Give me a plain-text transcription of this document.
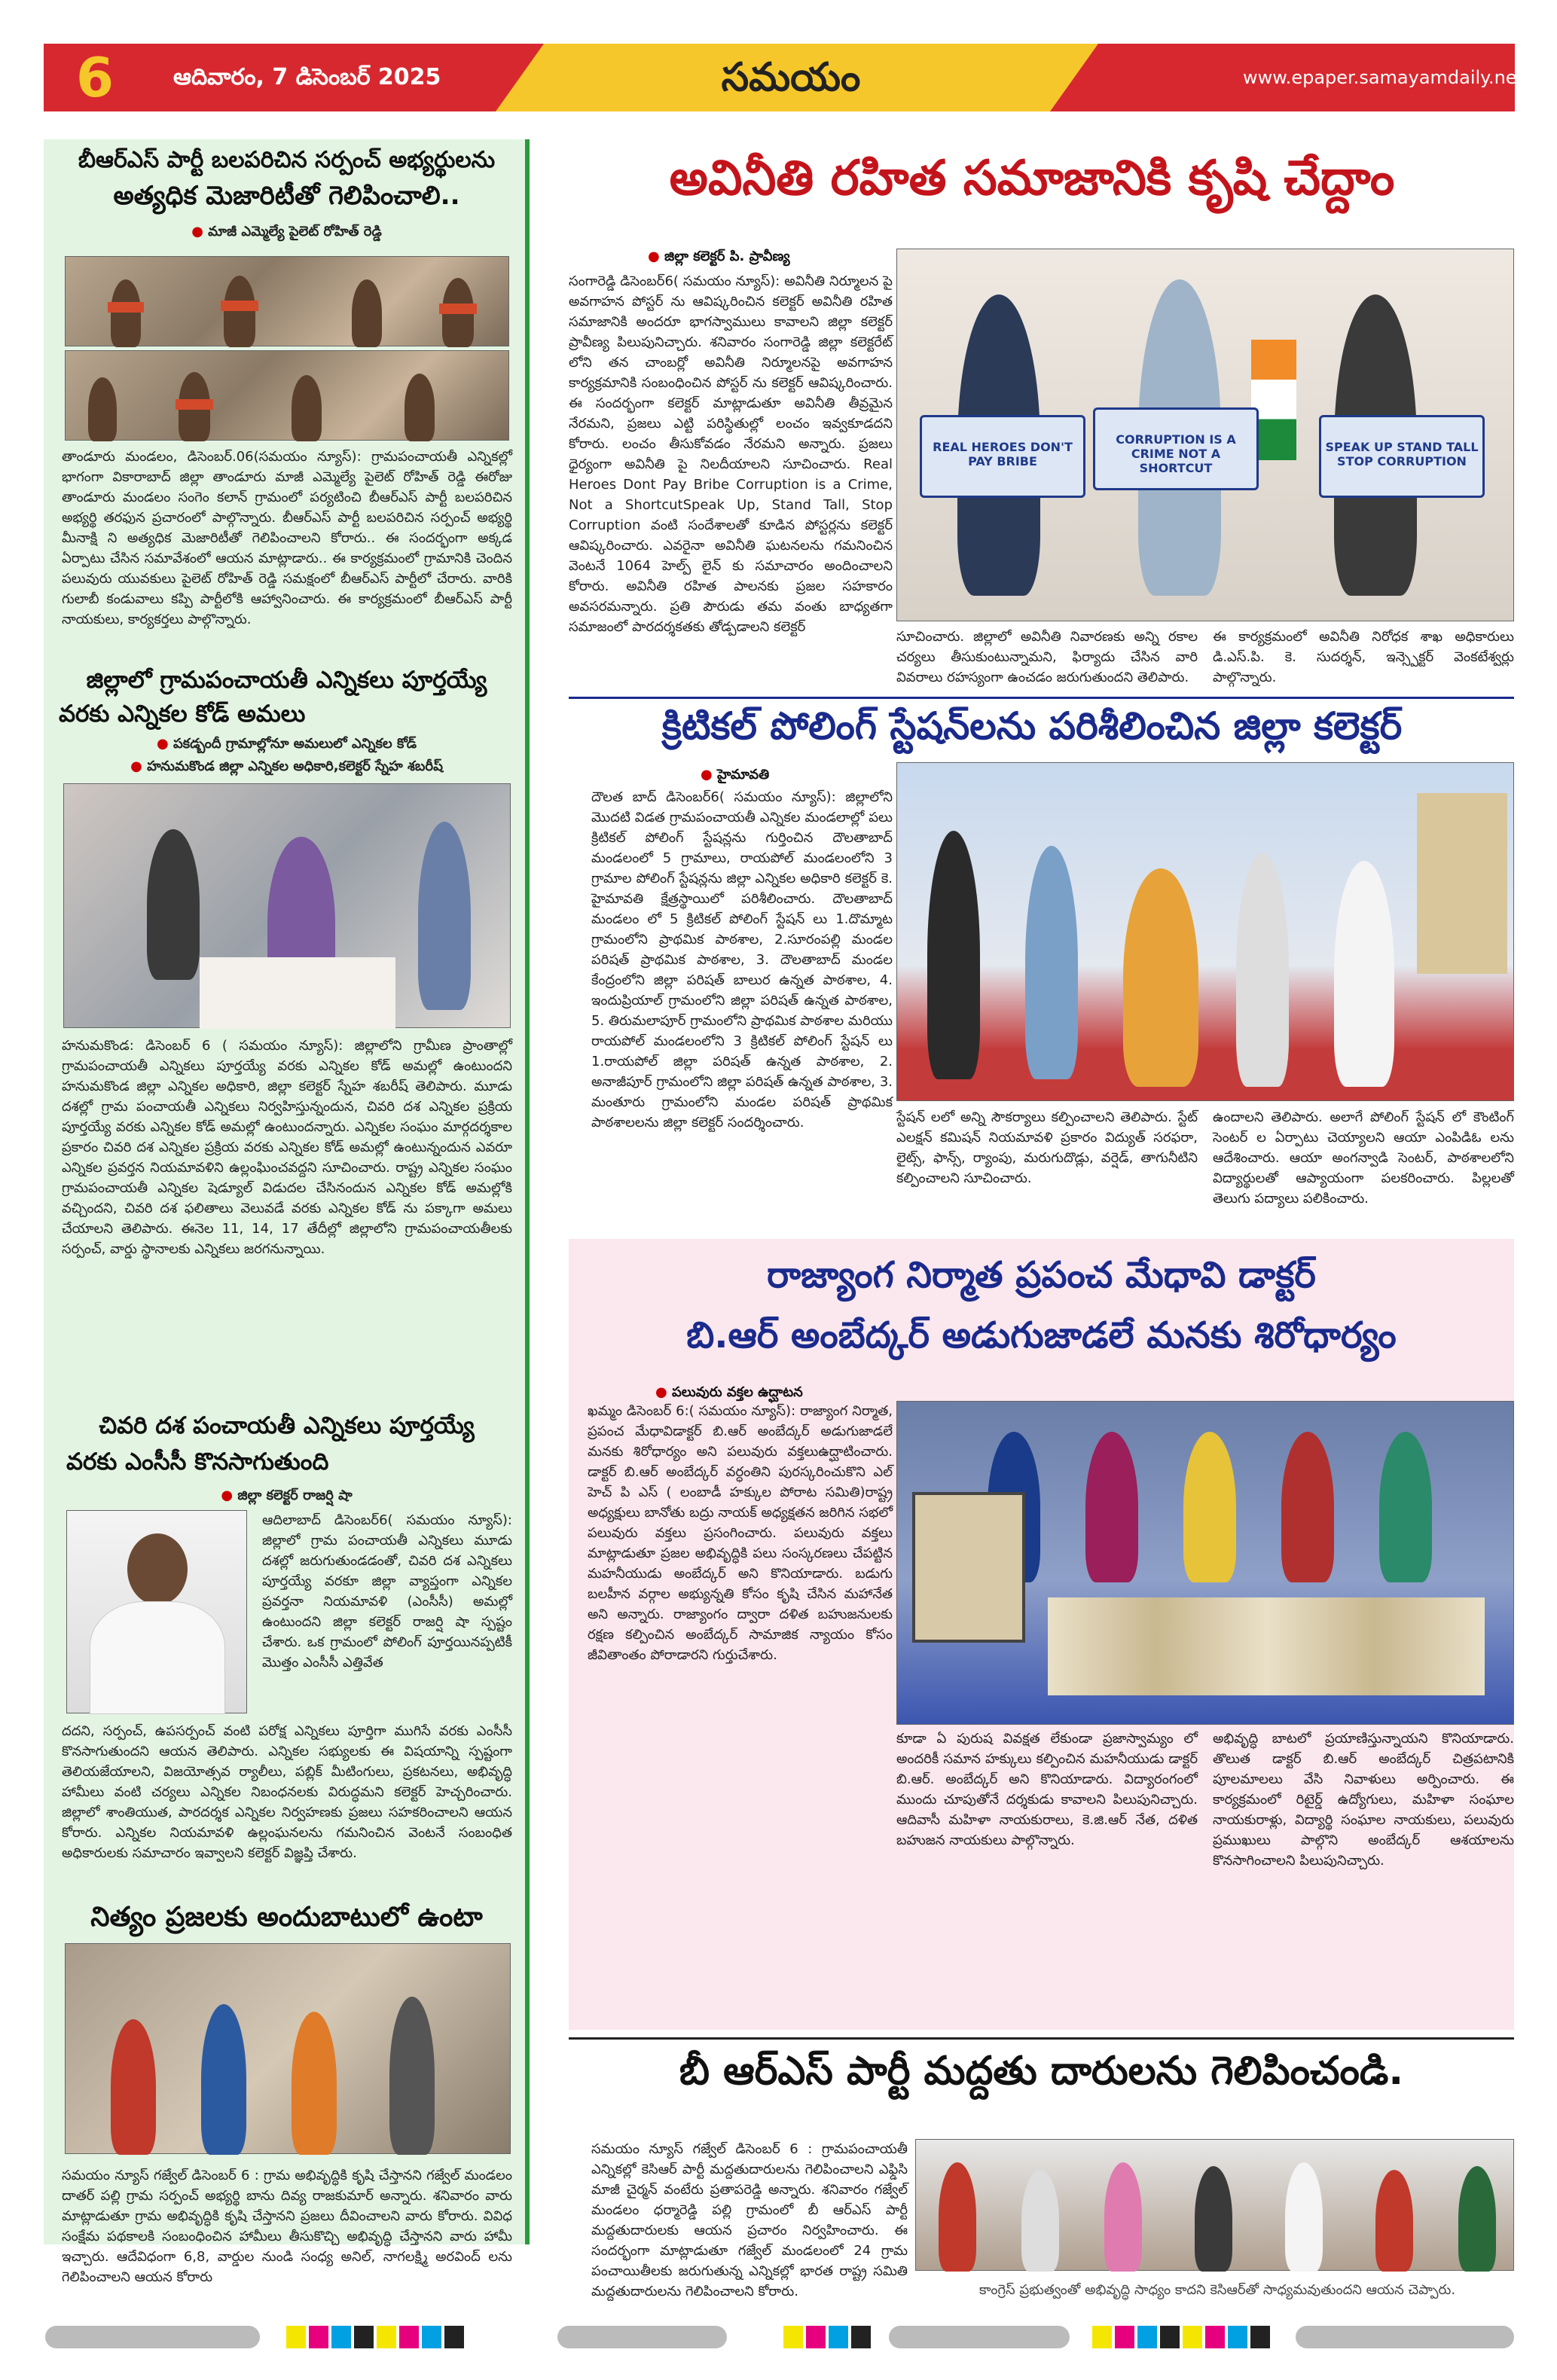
6	ఆదివారం, 7 డిసెంబర్ 2025	సమయం	www.epaper.samayamdaily.net
బీఆర్ఎస్ పార్టీ బలపరిచిన సర్పంచ్ అభ్యర్థులను
అత్యధిక మెజారిటీతో గెలిపించాలి..
● మాజీ ఎమ్మెల్యే పైలెట్ రోహిత్ రెడ్డి
తాండూరు మండలం, డిసెంబర్.06(సమయం న్యూస్): గ్రామపంచాయతీ ఎన్నికల్లో భాగంగా వికారాబాద్ జిల్లా తాండూరు మాజీ ఎమ్మెల్యే పైలెట్ రోహిత్ రెడ్డి ఈరోజు తాండూరు మండలం సంగెం కలాన్ గ్రామంలో పర్యటించి బీఆర్ఎస్ పార్టీ బలపరిచిన అభ్యర్థి తరఫున ప్రచారంలో పాల్గొన్నారు. బీఆర్ఎస్ పార్టీ బలపరిచిన సర్పంచ్ అభ్యర్థి మీనాక్షి ని అత్యధిక మెజారిటీతో గెలిపించాలని కోరారు.. ఈ సందర్భంగా అక్కడ ఏర్పాటు చేసిన సమావేశంలో ఆయన మాట్లాడారు.. ఈ కార్యక్రమంలో గ్రామానికి చెందిన పలువురు యువకులు పైలెట్ రోహిత్ రెడ్డి సమక్షంలో బీఆర్ఎస్ పార్టీలో చేరారు. వారికి గులాబీ కండువాలు కప్పి పార్టీలోకి ఆహ్వానించారు. ఈ కార్యక్రమంలో బీఆర్ఎస్ పార్టీ నాయకులు, కార్యకర్తలు పాల్గొన్నారు.
జిల్లాలో గ్రామపంచాయతీ ఎన్నికలు పూర్తయ్యే
వరకు ఎన్నికల కోడ్ అమలు
● పకడ్బందీ గ్రామాల్లోనూ అమలులో ఎన్నికల కోడ్
● హనుమకొండ జిల్లా ఎన్నికల అధికారి,కలెక్టర్ స్నేహ శబరీష్
హనుమకొండ: డిసెంబర్ 6 ( సమయం న్యూస్): జిల్లాలోని గ్రామీణ ప్రాంతాల్లో గ్రామపంచాయతీ ఎన్నికలు పూర్తయ్యే వరకు ఎన్నికల కోడ్ అమల్లో ఉంటుందని హనుమకొండ జిల్లా ఎన్నికల అధికారి, జిల్లా కలెక్టర్ స్నేహ శబరీష్ తెలిపారు. మూడు దశల్లో గ్రామ పంచాయతీ ఎన్నికలు నిర్వహిస్తున్నందున, చివరి దశ ఎన్నికల ప్రక్రియ పూర్తయ్యే వరకు ఎన్నికల కోడ్ అమల్లో ఉంటుందన్నారు. ఎన్నికల సంఘం మార్గదర్శకాల ప్రకారం చివరి దశ ఎన్నికల ప్రక్రియ వరకు ఎన్నికల కోడ్ అమల్లో ఉంటున్నందున ఎవరూ ఎన్నికల ప్రవర్తన నియమావళిని ఉల్లంఘించవద్దని సూచించారు. రాష్ట్ర ఎన్నికల సంఘం గ్రామపంచాయతీ ఎన్నికల షెడ్యూల్ విడుదల చేసినందున ఎన్నికల కోడ్ అమల్లోకి వచ్చిందని, చివరి దశ ఫలితాలు వెలువడే వరకు ఎన్నికల కోడ్ ను పక్కాగా అమలు చేయాలని తెలిపారు. ఈనెల 11, 14, 17 తేదీల్లో జిల్లాలోని గ్రామపంచాయతీలకు సర్పంచ్, వార్డు స్థానాలకు ఎన్నికలు జరగనున్నాయి.
చివరి దశ పంచాయతీ ఎన్నికలు పూర్తయ్యే
వరకు ఎంసీసీ కొనసాగుతుంది
● జిల్లా కలెక్టర్ రాజర్షి షా
ఆదిలాబాద్ డిసెంబర్6( సమయం న్యూస్): జిల్లాలో గ్రామ పంచాయతీ ఎన్నికలు మూడు దశల్లో జరుగుతుండడంతో, చివరి దశ ఎన్నికలు పూర్తయ్యే వరకూ జిల్లా వ్యాప్తంగా ఎన్నికల ప్రవర్తనా నియమావళి (ఎంసీసీ) అమల్లో ఉంటుందని జిల్లా కలెక్టర్ రాజర్షి షా స్పష్టం చేశారు. ఒక గ్రామంలో పోలింగ్ పూర్తయినప్పటికీ మొత్తం ఎంసీసీ ఎత్తివేత
దదని, సర్పంచ్, ఉపసర్పంచ్ వంటి పరోక్ష ఎన్నికలు పూర్తిగా ముగిసే వరకు ఎంసీసీ కొనసాగుతుందని ఆయన తెలిపారు. ఎన్నికల సభ్యులకు ఈ విషయాన్ని స్పష్టంగా తెలియజేయాలని, విజయోత్సవ ర్యాలీలు, పబ్లిక్ మీటింగులు, ప్రకటనలు, అభివృద్ధి హామీలు వంటి చర్యలు ఎన్నికల నిబంధనలకు విరుద్ధమని కలెక్టర్ హెచ్చరించారు. జిల్లాలో శాంతియుత, పారదర్శక ఎన్నికల నిర్వహణకు ప్రజలు సహకరించాలని ఆయన కోరారు. ఎన్నికల నియమావళి ఉల్లంఘనలను గమనించిన వెంటనే సంబంధిత అధికారులకు సమాచారం ఇవ్వాలని కలెక్టర్ విజ్ఞప్తి చేశారు.
నిత్యం ప్రజలకు అందుబాటులో ఉంటా
సమయం న్యూస్ గజ్వేల్ డిసెంబర్ 6 : గ్రామ అభివృద్ధికి కృషి చేస్తానని గజ్వేల్ మండలం దాతర్ పల్లి గ్రామ సర్పంచ్ అభ్యర్థి బాను దివ్య రాజకుమార్ అన్నారు. శనివారం వారు మాట్లాడుతూ గ్రామ అభివృద్ధికి కృషి చేస్తానని ప్రజలు దీవించాలని వారు కోరారు. వివిధ సంక్షేమ పథకాలకి సంబంధించిన హామీలు తీసుకొచ్చి అభివృద్ధి చేస్తానని వారు హామీ ఇచ్చారు. ఆదేవిధంగా 6,8, వార్డుల నుండి సంధ్య అనిల్, నాగలక్ష్మి అరవింద్ లను గెలిపించాలని ఆయన కోరారు
అవినీతి రహిత సమాజానికి కృషి చేద్దాం
● జిల్లా కలెక్టర్ పి. ప్రావీణ్య
సంగారెడ్డి డిసెంబర్6( సమయం న్యూస్): అవినీతి నిర్మూలన పై అవగాహన పోస్టర్ ను ఆవిష్కరించిన కలెక్టర్ అవినీతి రహిత సమాజానికి అందరూ భాగస్వాములు కావాలని జిల్లా కలెక్టర్ ప్రావీణ్య పిలుపునిచ్చారు. శనివారం సంగారెడ్డి జిల్లా కలెక్టరేట్ లోని తన చాంబర్లో అవినీతి నిర్మూలనపై అవగాహన కార్యక్రమానికి సంబంధించిన పోస్టర్ ను కలెక్టర్ ఆవిష్కరించారు. ఈ సందర్భంగా కలెక్టర్ మాట్లాడుతూ అవినీతి తీవ్రమైన నేరమని, ప్రజలు ఎట్టి పరిస్థితుల్లో లంచం ఇవ్వకూడదని కోరారు. లంచం తీసుకోవడం నేరమని అన్నారు. ప్రజలు ధైర్యంగా అవినీతి పై నిలదీయాలని సూచించారు. Real Heroes Dont Pay Bribe Corruption is a Crime, Not a ShortcutSpeak Up, Stand Tall, Stop Corruption వంటి సందేశాలతో కూడిన పోస్టర్లను కలెక్టర్ ఆవిష్కరించారు. ఎవరైనా అవినీతి ఘటనలను గమనించిన వెంటనే 1064 హెల్ప్ లైన్ కు సమాచారం అందించాలని కోరారు. అవినీతి రహిత పాలనకు ప్రజల సహకారం అవసరమన్నారు. ప్రతి పౌరుడు తమ వంతు బాధ్యతగా సమాజంలో పారదర్శకతకు తోడ్పడాలని కలెక్టర్
REAL HEROES DON'T PAY BRIBE
CORRUPTION IS A CRIME NOT A SHORTCUT
SPEAK UP STAND TALL STOP CORRUPTION
సూచించారు. జిల్లాలో అవినీతి నివారణకు అన్ని రకాల చర్యలు తీసుకుంటున్నామని, ఫిర్యాదు చేసిన వారి వివరాలు రహస్యంగా ఉంచడం జరుగుతుందని తెలిపారు.
ఈ కార్యక్రమంలో అవినీతి నిరోధక శాఖ అధికారులు డి.ఎస్.పి. కె. సుదర్శన్, ఇన్స్పెక్టర్ వెంకటేశ్వర్లు పాల్గొన్నారు.
క్రిటికల్ పోలింగ్ స్టేషన్‌లను పరిశీలించిన జిల్లా కలెక్టర్
● హైమావతి
దౌలత బాద్ డిసెంబర్6( సమయం న్యూస్): జిల్లాలోని మొదటి విడత గ్రామపంచాయతీ ఎన్నికల మండలాల్లో పలు క్రిటికల్ పోలింగ్ స్టేషన్లను గుర్తించిన దౌలతాబాద్ మండలంలో 5 గ్రామాలు, రాయపోల్ మండలంలోని 3 గ్రామాల పోలింగ్ స్టేషన్లను జిల్లా ఎన్నికల అధికారి కలెక్టర్ కె. హైమావతి క్షేత్రస్థాయిలో పరిశీలించారు. దౌలతాబాద్ మండలం లో 5 క్రిటికల్ పోలింగ్ స్టేషన్ లు 1.దొమ్మాట గ్రామంలోని ప్రాథమిక పాఠశాల, 2.సూరంపల్లి మండల పరిషత్ ప్రాథమిక పాఠశాల, 3. దౌలతాబాద్ మండల కేంద్రంలోని జిల్లా పరిషత్ బాలుర ఉన్నత పాఠశాల, 4. ఇందుప్రియాల్ గ్రామంలోని జిల్లా పరిషత్ ఉన్నత పాఠశాల, 5. తిరుమలాపూర్ గ్రామంలోని ప్రాథమిక పాఠశాల మరియు రాయపోల్ మండలంలోని 3 క్రిటికల్ పోలింగ్ స్టేషన్ లు 1.రాయపోల్ జిల్లా పరిషత్ ఉన్నత పాఠశాల, 2. అనాజీపూర్ గ్రామంలోని జిల్లా పరిషత్ ఉన్నత పాఠశాల, 3. మంతూరు గ్రామంలోని మండల పరిషత్ ప్రాథమిక పాఠశాలలను జిల్లా కలెక్టర్ సందర్శించారు.	స్టేషన్ లలో అన్ని సౌకర్యాలు కల్పించాలని తెలిపారు. స్టేట్ ఎలక్షన్ కమిషన్ నియమావళి ప్రకారం విద్యుత్ సరఫరా, లైట్స్, ఫాన్స్, ర్యాంపు, మరుగుదొడ్లు, వర్షెడ్, తాగునీటిని కల్పించాలని సూచించారు.
ఉందాలని తెలిపారు. అలాగే పోలింగ్ స్టేషన్ లో కౌంటింగ్ సెంటర్ ల ఏర్పాటు చెయ్యాలని ఆయా ఎంపిడిఓ లను ఆదేశించారు. ఆయా అంగన్వాడి సెంటర్, పాఠశాలలోని విద్యార్థులతో ఆప్యాయంగా పలకరించారు. పిల్లలతో తెలుగు పద్యాలు పలికించారు.
రాజ్యాంగ నిర్మాత ప్రపంచ మేధావి డాక్టర్
బి.ఆర్ అంబేద్కర్ అడుగుజాడలే మనకు శిరోధార్యం
● పలువురు వక్తల ఉద్ఘాటన
ఖమ్మం డిసెంబర్ 6:( సమయం న్యూస్): రాజ్యాంగ నిర్మాత, ప్రపంచ మేధావిడాక్టర్ బి.ఆర్ అంబేద్కర్ అడుగుజాడలే మనకు శిరోధార్యం అని పలువురు వక్తలుఉద్ఘాటించారు. డాక్టర్ బి.ఆర్ అంబేద్కర్ వర్ధంతిని పురస్కరించుకొని ఎల్ హెచ్ పి ఎస్ ( లంబాడీ హక్కుల పోరాట సమితి)రాష్ట్ర అధ్యక్షులు బానోతు బద్రు నాయక్ అధ్యక్షతన జరిగిన సభలో పలువురు వక్తలు ప్రసంగించారు. పలువురు వక్తలు మాట్లాడుతూ ప్రజల అభివృద్ధికి పలు సంస్కరణలు చేపట్టిన మహనీయుడు అంబేద్కర్ అని కొనియాడారు. బడుగు బలహీన వర్గాల అభ్యున్నతి కోసం కృషి చేసిన మహానేత అని అన్నారు. రాజ్యాంగం ద్వారా దళిత బహుజనులకు రక్షణ కల్పించిన అంబేద్కర్ సామాజిక న్యాయం కోసం జీవితాంతం పోరాడారని గుర్తుచేశారు.
కూడా ఏ పురుష వివక్షత లేకుండా ప్రజాస్వామ్యం లో అందరికీ సమాన హక్కులు కల్పించిన మహనీయుడు డాక్టర్ బి.ఆర్. అంబేద్కర్ అని కొనియాడారు. విద్యారంగంలో ముందు చూపుతోనే దర్శకుడు కావాలని పిలుపునిచ్చారు. ఆదివాసీ మహిళా నాయకురాలు, కె.జి.ఆర్ నేత, దళిత బహుజన నాయకులు పాల్గొన్నారు.
అభివృద్ధి బాటలో ప్రయాణిస్తున్నాయని కొనియాడారు. తొలుత డాక్టర్ బి.ఆర్ అంబేద్కర్ చిత్రపటానికి పూలమాలలు వేసి నివాళులు అర్పించారు. ఈ కార్యక్రమంలో రిటైర్డ్ ఉద్యోగులు, మహిళా సంఘాల నాయకురాళ్లు, విద్యార్థి సంఘాల నాయకులు, పలువురు ప్రముఖులు పాల్గొని అంబేద్కర్ ఆశయాలను కొనసాగించాలని పిలుపునిచ్చారు.
బీ ఆర్ఎస్ పార్టీ మద్దతు దారులను గెలిపించండి.
సమయం న్యూస్ గజ్వేల్ డిసెంబర్ 6 : గ్రామపంచాయతీ ఎన్నికల్లో కెసిఆర్ పార్టీ మద్దతుదారులను గెలిపించాలని ఎఫ్డిసి మాజీ చైర్మన్ వంటేరు ప్రతాపరెడ్డి అన్నారు. శనివారం గజ్వేల్ మండలం ధర్మారెడ్డి పల్లి గ్రామంలో బీ ఆర్ఎస్ పార్టీ మద్దతుదారులకు ఆయన ప్రచారం నిర్వహించారు. ఈ సందర్భంగా మాట్లాడుతూ గజ్వేల్ మండలంలో 24 గ్రామ పంచాయితీలకు జరుగుతున్న ఎన్నికల్లో భారత రాష్ట్ర సమితి మద్దతుదారులను గెలిపించాలని కోరారు.	కాంగ్రెస్ ప్రభుత్వంతో అభివృద్ధి సాధ్యం కాదని కెసిఆర్‌తో సాధ్యమవుతుందని ఆయన చెప్పారు.
